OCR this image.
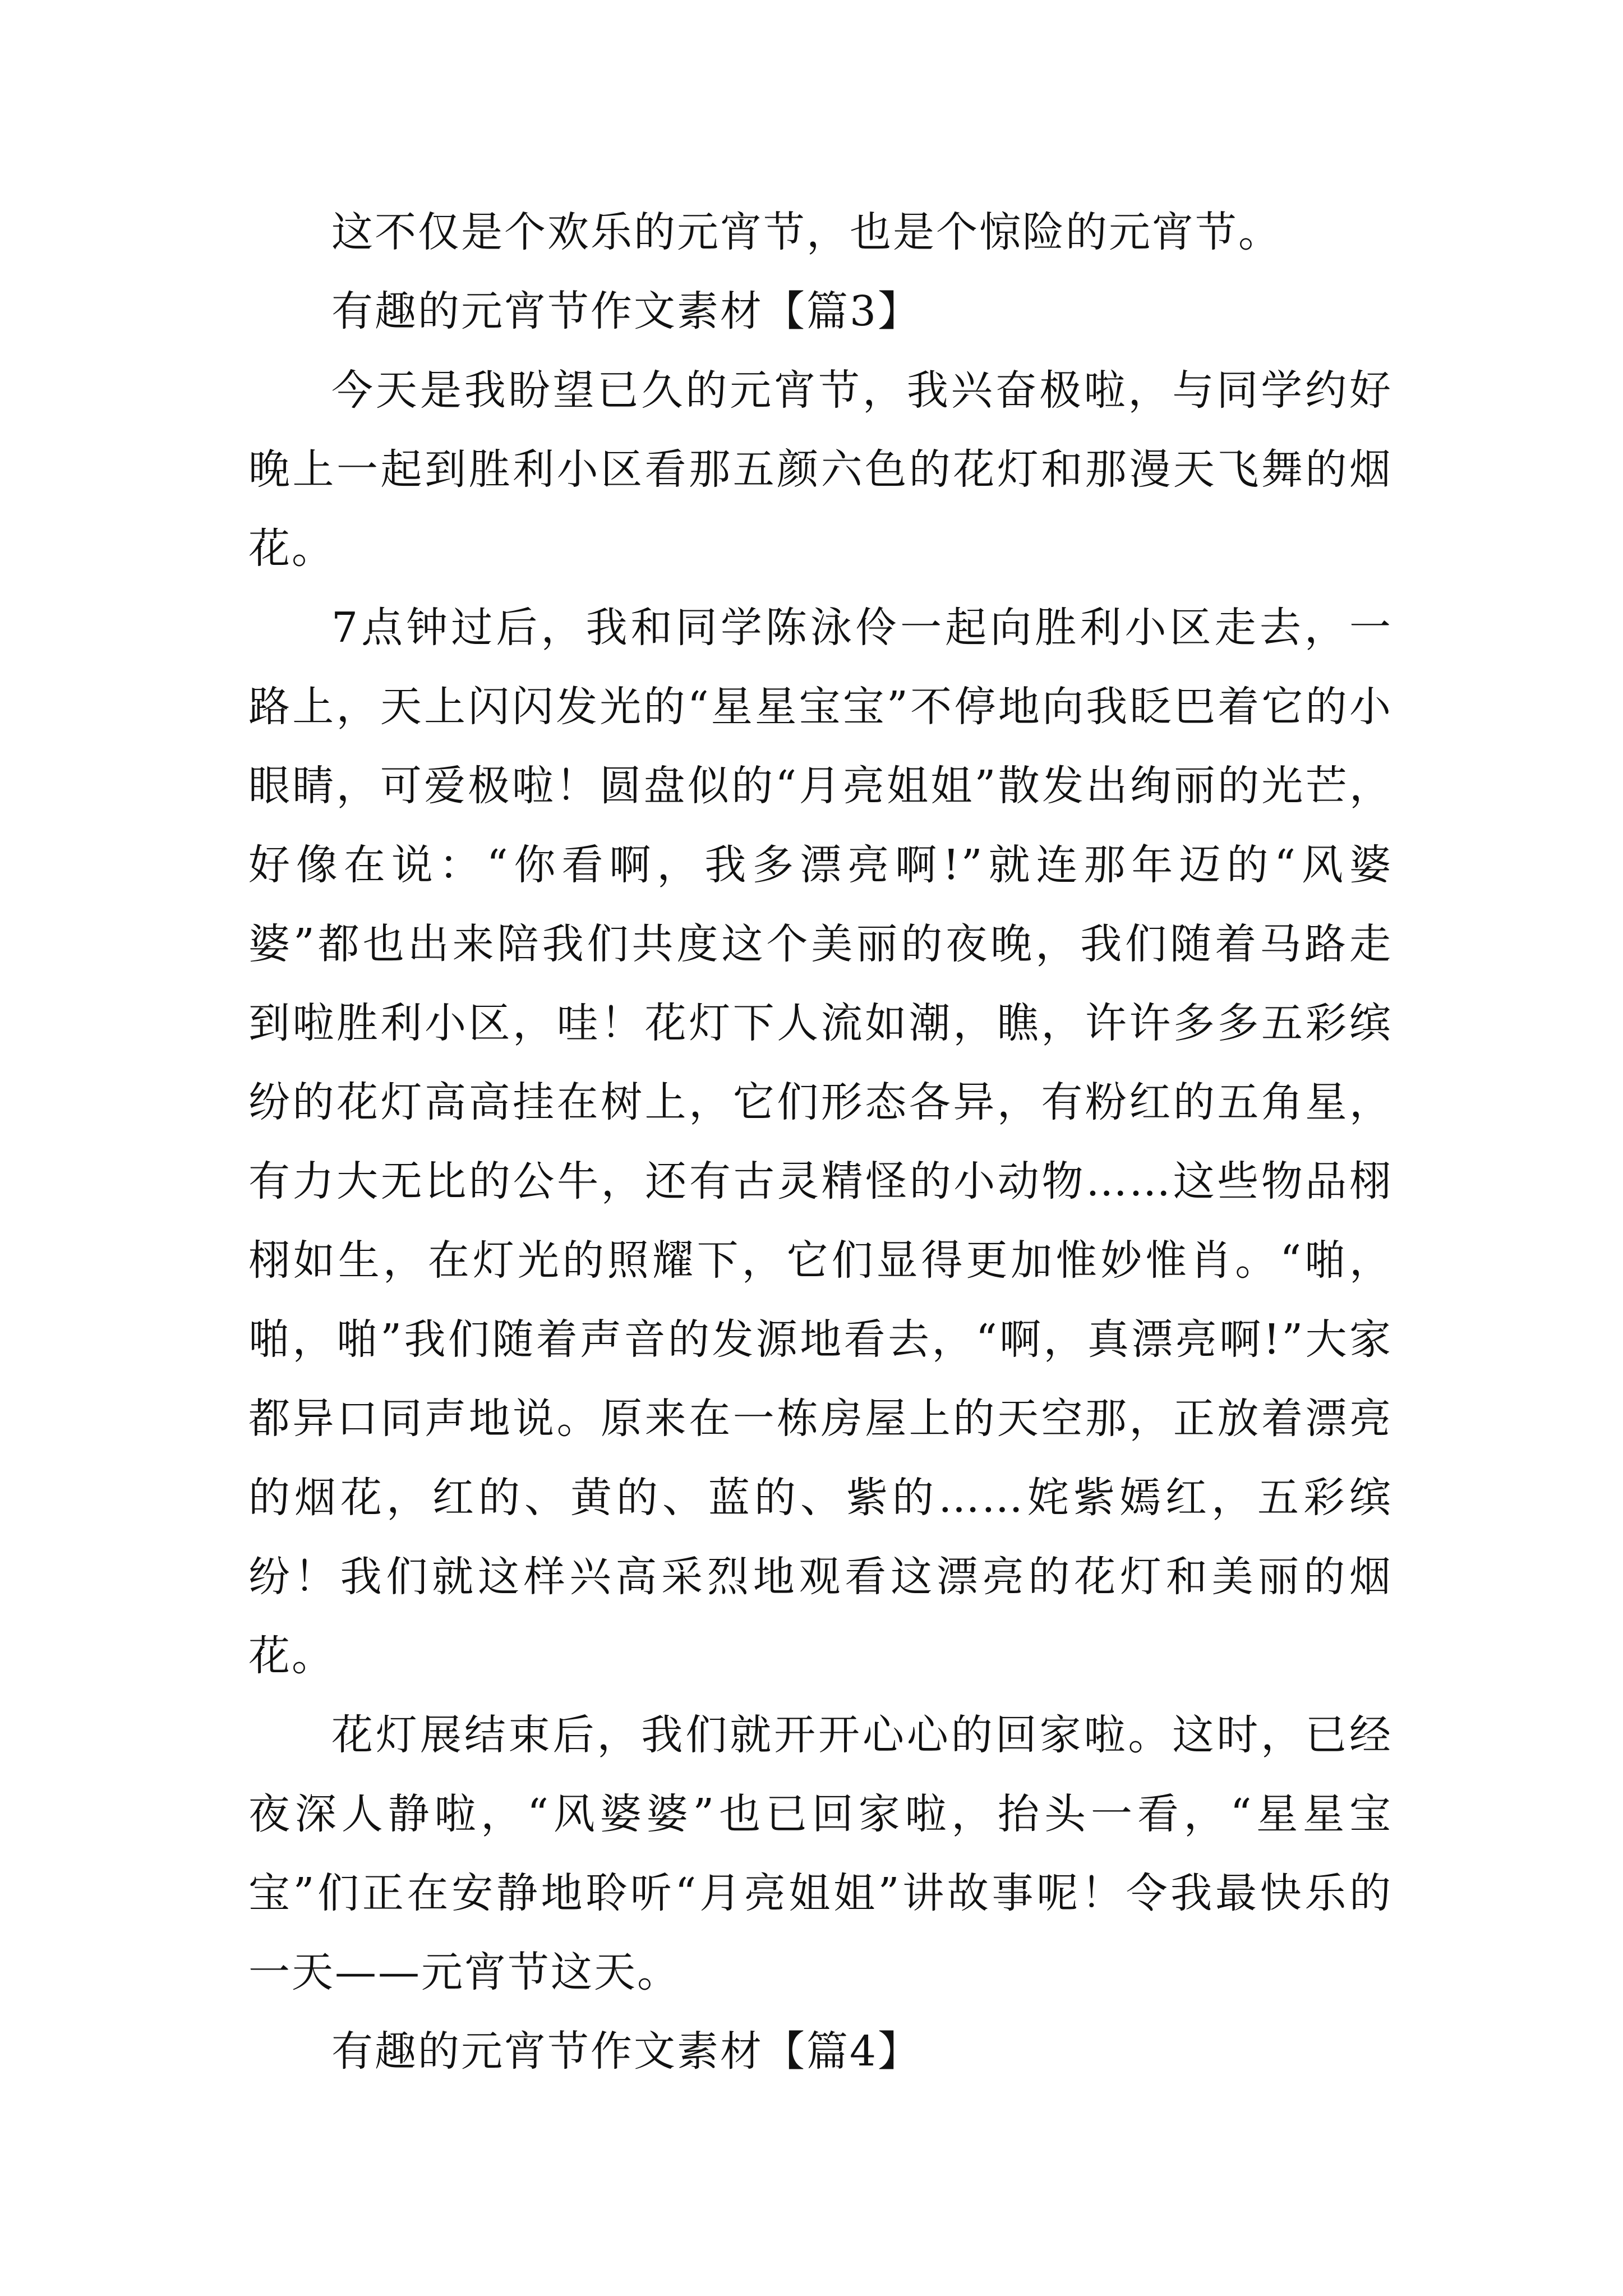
这不仅是个欢乐的元宵节，也是个惊险的元宵节。

有趣的元宵节作文素材【篇3】

今天是我盼望已久的元宵节，我兴奋极啦，与同学约好晚上一起到胜利小区看那五颜六色的花灯和那漫天飞舞的烟花。

7点钟过后，我和同学陈泳伶一起向胜利小区走去，一路上，天上闪闪发光的“星星宝宝”不停地向我眨巴着它的小眼睛，可爱极啦！圆盘似的“月亮姐姐”散发出绚丽的光芒，好像在说：“你看啊，我多漂亮啊!”就连那年迈的“风婆婆”都也出来陪我们共度这个美丽的夜晚，我们随着马路走到啦胜利小区，哇！花灯下人流如潮，瞧，许许多多五彩缤纷的花灯高高挂在树上，它们形态各异，有粉红的五角星，有力大无比的公牛，还有古灵精怪的小动物……这些物品栩栩如生，在灯光的照耀下，它们显得更加惟妙惟肖。“啪，啪，啪”我们随着声音的发源地看去，“啊，真漂亮啊!”大家都异口同声地说。原来在一栋房屋上的天空那，正放着漂亮的烟花，红的、黄的、蓝的、紫的……姹紫嫣红，五彩缤纷！我们就这样兴高采烈地观看这漂亮的花灯和美丽的烟花。

花灯展结束后，我们就开开心心的回家啦。这时，已经夜深人静啦，“风婆婆”也已回家啦，抬头一看，“星星宝宝”们正在安静地聆听“月亮姐姐”讲故事呢！令我最快乐的一天——元宵节这天。

有趣的元宵节作文素材【篇4】
